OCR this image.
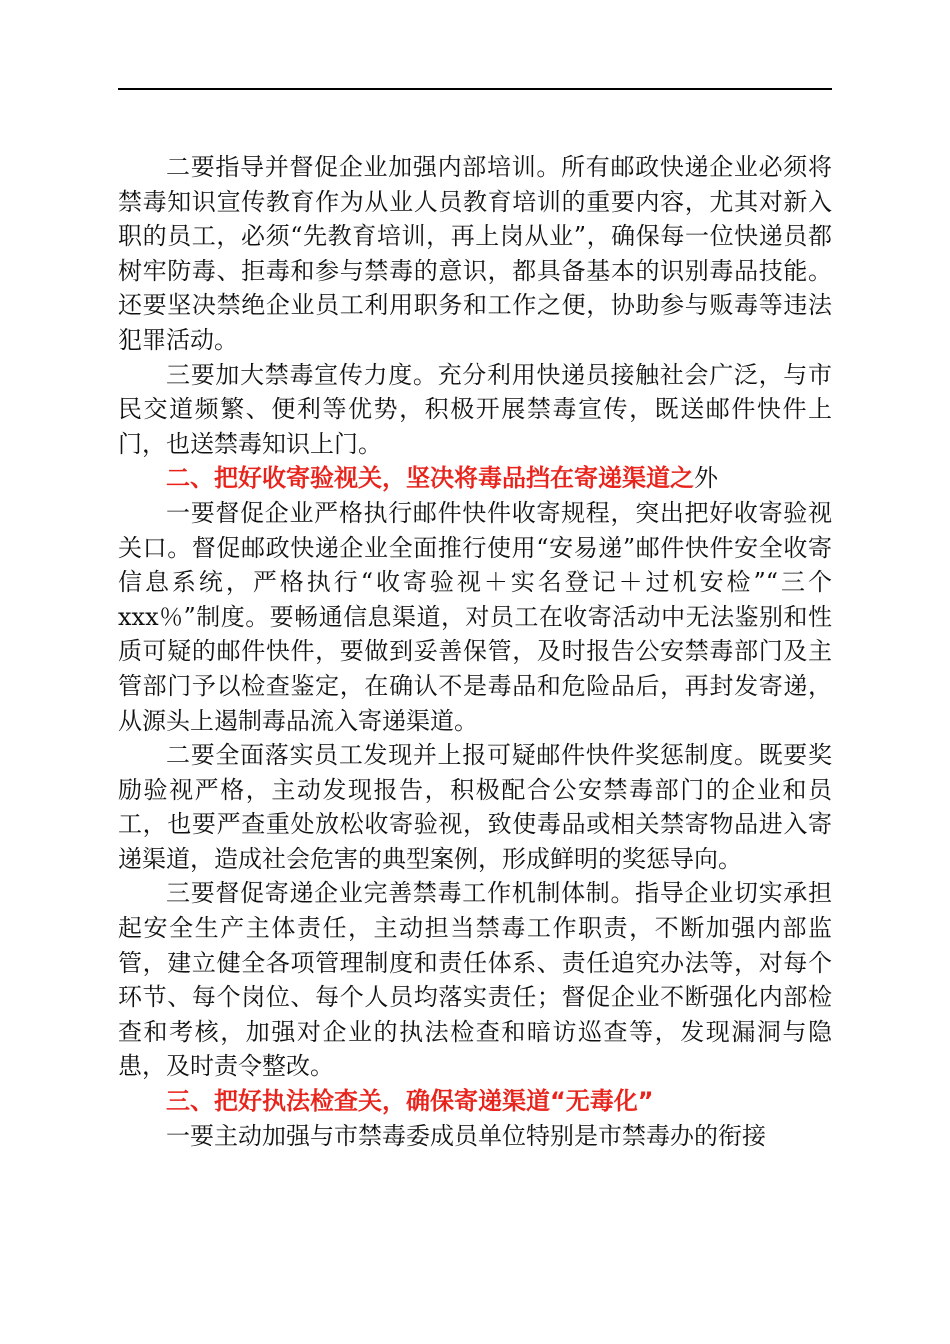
二要指导并督促企业加强内部培训。所有邮政快递企业必须将禁毒知识宣传教育作为从业人员教育培训的重要内容，尤其对新入职的员工，必须“先教育培训，再上岗从业”，确保每一位快递员都树牢防毒、拒毒和参与禁毒的意识，都具备基本的识别毒品技能。还要坚决禁绝企业员工利用职务和工作之便，协助参与贩毒等违法犯罪活动。

三要加大禁毒宣传力度。充分利用快递员接触社会广泛，与市民交道频繁、便利等优势，积极开展禁毒宣传，既送邮件快件上门，也送禁毒知识上门。

二、把好收寄验视关，坚决将毒品挡在寄递渠道之外

一要督促企业严格执行邮件快件收寄规程，突出把好收寄验视关口。督促邮政快递企业全面推行使用“安易递”邮件快件安全收寄信息系统，严格执行“收寄验视＋实名登记＋过机安检”“三个xxx％”制度。要畅通信息渠道，对员工在收寄活动中无法鉴别和性质可疑的邮件快件，要做到妥善保管，及时报告公安禁毒部门及主管部门予以检查鉴定，在确认不是毒品和危险品后，再封发寄递，从源头上遏制毒品流入寄递渠道。

二要全面落实员工发现并上报可疑邮件快件奖惩制度。既要奖励验视严格，主动发现报告，积极配合公安禁毒部门的企业和员工，也要严查重处放松收寄验视，致使毒品或相关禁寄物品进入寄递渠道，造成社会危害的典型案例，形成鲜明的奖惩导向。

三要督促寄递企业完善禁毒工作机制体制。指导企业切实承担起安全生产主体责任，主动担当禁毒工作职责，不断加强内部监管，建立健全各项管理制度和责任体系、责任追究办法等，对每个环节、每个岗位、每个人员均落实责任；督促企业不断强化内部检查和考核，加强对企业的执法检查和暗访巡查等，发现漏洞与隐患，及时责令整改。

三、把好执法检查关，确保寄递渠道“无毒化”

一要主动加强与市禁毒委成员单位特别是市禁毒办的衔接
